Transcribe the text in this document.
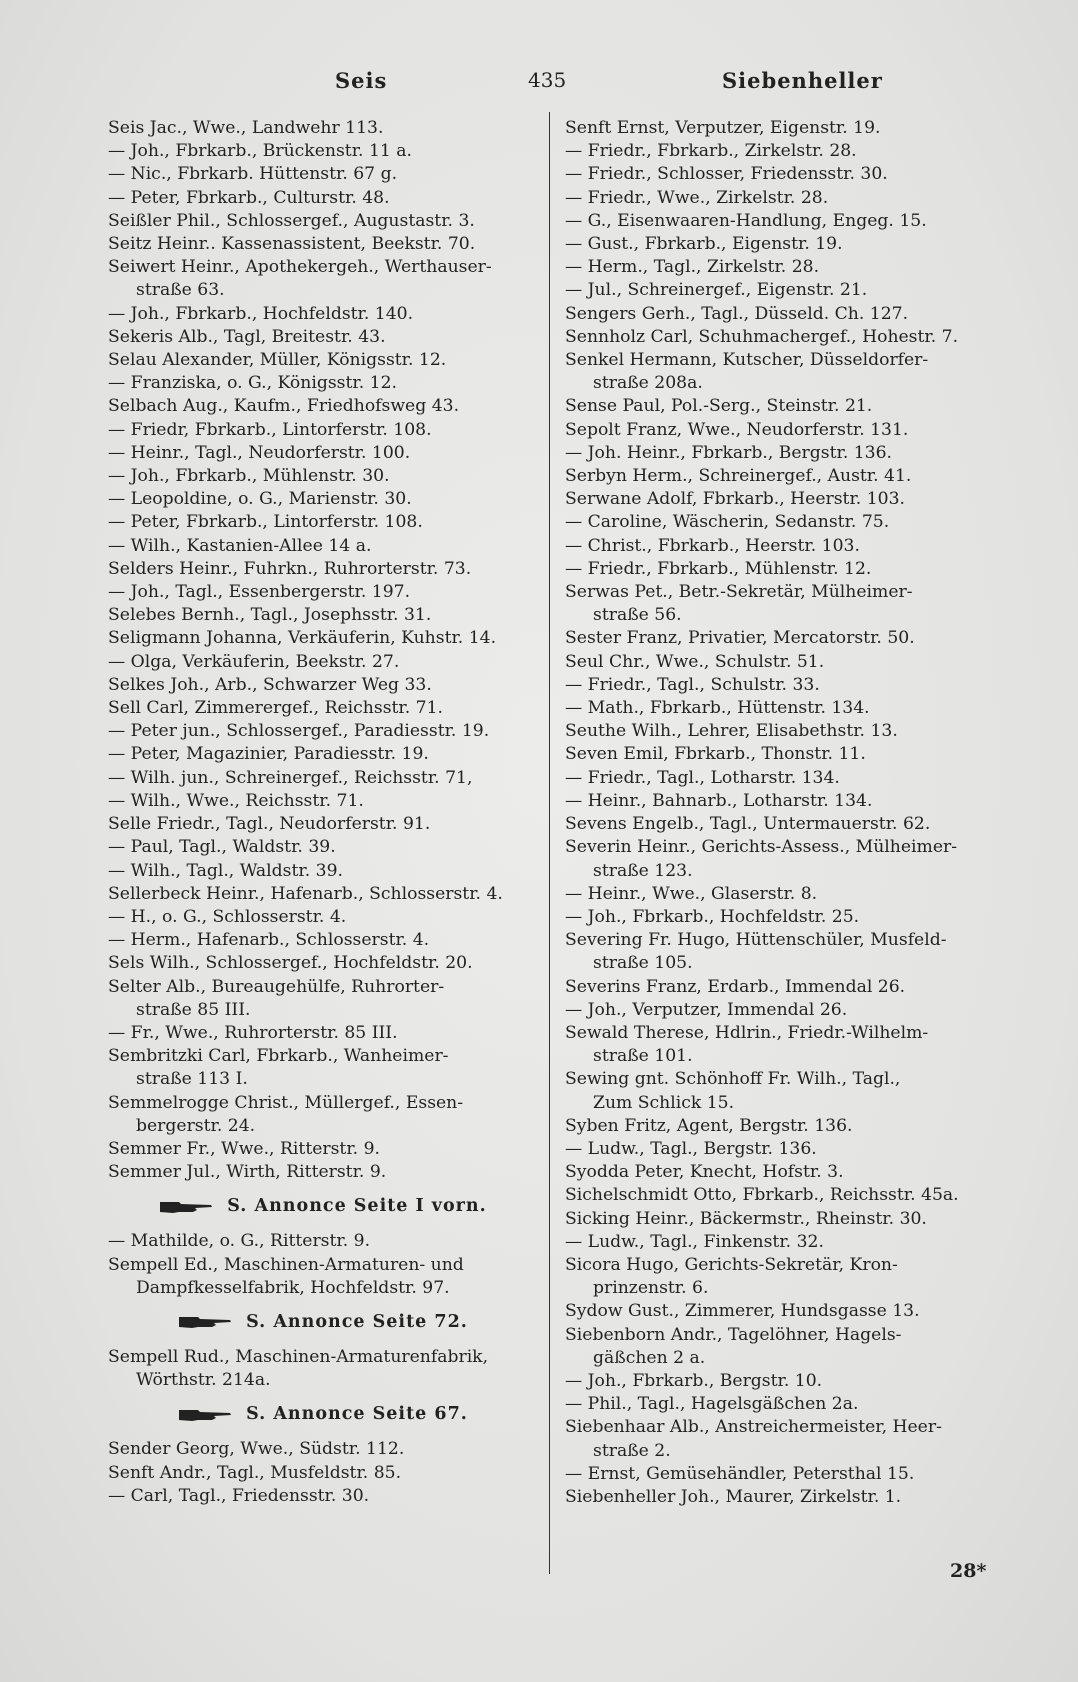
Seis	435	Siebenheller
Seis Jac., Wwe., Landwehr 113.
— Joh., Fbrkarb., Brückenstr. 11 a.
— Nic., Fbrkarb. Hüttenstr. 67 g.
— Peter, Fbrkarb., Culturstr. 48.
Seißler Phil., Schlossergef., Augustastr. 3.
Seitz Heinr.. Kassenassistent, Beekstr. 70.
Seiwert Heinr., Apothekergeh., Werthauser-
straße 63.
— Joh., Fbrkarb., Hochfeldstr. 140.
Sekeris Alb., Tagl, Breitestr. 43.
Selau Alexander, Müller, Königsstr. 12.
— Franziska, o. G., Königsstr. 12.
Selbach Aug., Kaufm., Friedhofsweg 43.
— Friedr, Fbrkarb., Lintorferstr. 108.
— Heinr., Tagl., Neudorferstr. 100.
— Joh., Fbrkarb., Mühlenstr. 30.
— Leopoldine, o. G., Marienstr. 30.
— Peter, Fbrkarb., Lintorferstr. 108.
— Wilh., Kastanien-Allee 14 a.
Selders Heinr., Fuhrkn., Ruhrorterstr. 73.
— Joh., Tagl., Essenbergerstr. 197.
Selebes Bernh., Tagl., Josephsstr. 31.
Seligmann Johanna, Verkäuferin, Kuhstr. 14.
— Olga, Verkäuferin, Beekstr. 27.
Selkes Joh., Arb., Schwarzer Weg 33.
Sell Carl, Zimmerergef., Reichsstr. 71.
— Peter jun., Schlossergef., Paradiesstr. 19.
— Peter, Magazinier, Paradiesstr. 19.
— Wilh. jun., Schreinergef., Reichsstr. 71,
— Wilh., Wwe., Reichsstr. 71.
Selle Friedr., Tagl., Neudorferstr. 91.
— Paul, Tagl., Waldstr. 39.
— Wilh., Tagl., Waldstr. 39.
Sellerbeck Heinr., Hafenarb., Schlosserstr. 4.
— H., o. G., Schlosserstr. 4.
— Herm., Hafenarb., Schlosserstr. 4.
Sels Wilh., Schlossergef., Hochfeldstr. 20.
Selter Alb., Bureaugehülfe, Ruhrorter-
straße 85 III.
— Fr., Wwe., Ruhrorterstr. 85 III.
Sembritzki Carl, Fbrkarb., Wanheimer-
straße 113 I.
Semmelrogge Christ., Müllergef., Essen-
bergerstr. 24.
Semmer Fr., Wwe., Ritterstr. 9.
Semmer Jul., Wirth, Ritterstr. 9.
S. Annonce Seite I vorn.
— Mathilde, o. G., Ritterstr. 9.
Sempell Ed., Maschinen-Armaturen- und
Dampfkesselfabrik, Hochfeldstr. 97.
S. Annonce Seite 72.
Sempell Rud., Maschinen-Armaturenfabrik,
Wörthstr. 214a.
S. Annonce Seite 67.
Sender Georg, Wwe., Südstr. 112.
Senft Andr., Tagl., Musfeldstr. 85.
— Carl, Tagl., Friedensstr. 30.
Senft Ernst, Verputzer, Eigenstr. 19.
— Friedr., Fbrkarb., Zirkelstr. 28.
— Friedr., Schlosser, Friedensstr. 30.
— Friedr., Wwe., Zirkelstr. 28.
— G., Eisenwaaren-Handlung, Engeg. 15.
— Gust., Fbrkarb., Eigenstr. 19.
— Herm., Tagl., Zirkelstr. 28.
— Jul., Schreinergef., Eigenstr. 21.
Sengers Gerh., Tagl., Düsseld. Ch. 127.
Sennholz Carl, Schuhmachergef., Hohestr. 7.
Senkel Hermann, Kutscher, Düsseldorfer-
straße 208a.
Sense Paul, Pol.-Serg., Steinstr. 21.
Sepolt Franz, Wwe., Neudorferstr. 131.
— Joh. Heinr., Fbrkarb., Bergstr. 136.
Serbyn Herm., Schreinergef., Austr. 41.
Serwane Adolf, Fbrkarb., Heerstr. 103.
— Caroline, Wäscherin, Sedanstr. 75.
— Christ., Fbrkarb., Heerstr. 103.
— Friedr., Fbrkarb., Mühlenstr. 12.
Serwas Pet., Betr.-Sekretär, Mülheimer-
straße 56.
Sester Franz, Privatier, Mercatorstr. 50.
Seul Chr., Wwe., Schulstr. 51.
— Friedr., Tagl., Schulstr. 33.
— Math., Fbrkarb., Hüttenstr. 134.
Seuthe Wilh., Lehrer, Elisabethstr. 13.
Seven Emil, Fbrkarb., Thonstr. 11.
— Friedr., Tagl., Lotharstr. 134.
— Heinr., Bahnarb., Lotharstr. 134.
Sevens Engelb., Tagl., Untermauerstr. 62.
Severin Heinr., Gerichts-Assess., Mülheimer-
straße 123.
— Heinr., Wwe., Glaserstr. 8.
— Joh., Fbrkarb., Hochfeldstr. 25.
Severing Fr. Hugo, Hüttenschüler, Musfeld-
straße 105.
Severins Franz, Erdarb., Immendal 26.
— Joh., Verputzer, Immendal 26.
Sewald Therese, Hdlrin., Friedr.-Wilhelm-
straße 101.
Sewing gnt. Schönhoff Fr. Wilh., Tagl.,
Zum Schlick 15.
Syben Fritz, Agent, Bergstr. 136.
— Ludw., Tagl., Bergstr. 136.
Syodda Peter, Knecht, Hofstr. 3.
Sichelschmidt Otto, Fbrkarb., Reichsstr. 45a.
Sicking Heinr., Bäckermstr., Rheinstr. 30.
— Ludw., Tagl., Finkenstr. 32.
Sicora Hugo, Gerichts-Sekretär, Kron-
prinzenstr. 6.
Sydow Gust., Zimmerer, Hundsgasse 13.
Siebenborn Andr., Tagelöhner, Hagels-
gäßchen 2 a.
— Joh., Fbrkarb., Bergstr. 10.
— Phil., Tagl., Hagelsgäßchen 2a.
Siebenhaar Alb., Anstreichermeister, Heer-
straße 2.
— Ernst, Gemüsehändler, Petersthal 15.
Siebenheller Joh., Maurer, Zirkelstr. 1.
28*
